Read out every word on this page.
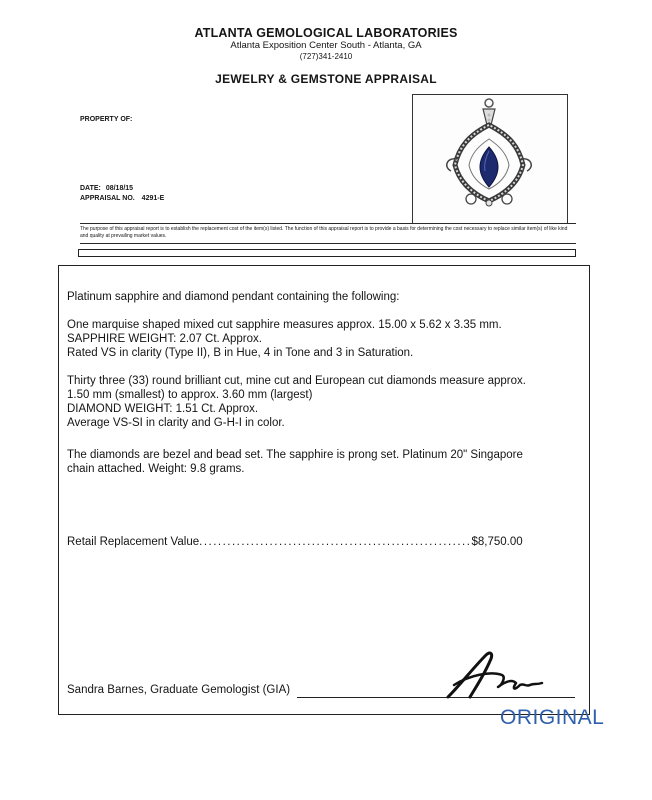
ATLANTA GEMOLOGICAL LABORATORIES
Atlanta Exposition Center South - Atlanta, GA
(727)341-2410
JEWELRY & GEMSTONE APPRAISAL
PROPERTY OF:
DATE: 08/18/15
APPRAISAL NO. 4291-E
The purpose of this appraisal report is to establish the replacement cost of the item(s) listed. The function of this appraisal report is to provide a basis for determining the cost necessary to replace similar item(s) of like kind and quality at prevailing market values.
Platinum sapphire and diamond pendant containing the following:
One marquise shaped mixed cut sapphire measures approx. 15.00 x 5.62 x 3.35 mm.
SAPPHIRE WEIGHT: 2.07 Ct. Approx.
Rated VS in clarity (Type II), B in Hue, 4 in Tone and 3 in Saturation.
Thirty three (33) round brilliant cut, mine cut and European cut diamonds measure approx.
1.50 mm (smallest) to approx. 3.60 mm (largest)
DIAMOND WEIGHT: 1.51 Ct. Approx.
Average VS-SI in clarity and G-H-I in color.
The diamonds are bezel and bead set. The sapphire is prong set. Platinum 20" Singapore
chain attached. Weight: 9.8 grams.
Retail Replacement Value..........................................................$8,750.00
Sandra Barnes, Graduate Gemologist (GIA)
ORIGINAL
